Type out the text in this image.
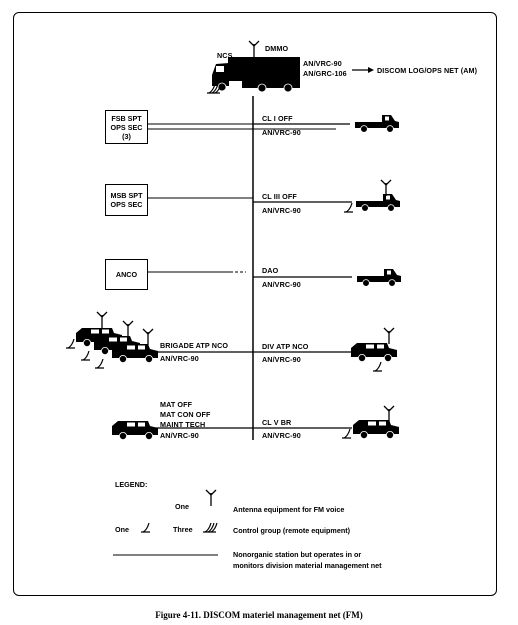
NCS
DMMO
AN/VRC-90
AN/GRC-106	DISCOM LOG/OPS NET (AM)
FSB SPT
OPS SEC
(3)
MSB SPT
OPS SEC
ANCO
CL I OFF
AN/VRC-90
CL III OFF
AN/VRC-90
DAO
AN/VRC-90
DIV ATP NCO
AN/VRC-90
CL V BR
AN/VRC-90
BRIGADE ATP NCO
AN/VRC-90
MAT OFF
MAT CON OFF
MAINT TECH
AN/VRC-90
LEGEND:
One	Antenna equipment for FM voice
One	Three	Control group (remote equipment)
Nonorganic station but operates in or
monitors division material management net
Figure 4-11. DISCOM materiel management net (FM)
